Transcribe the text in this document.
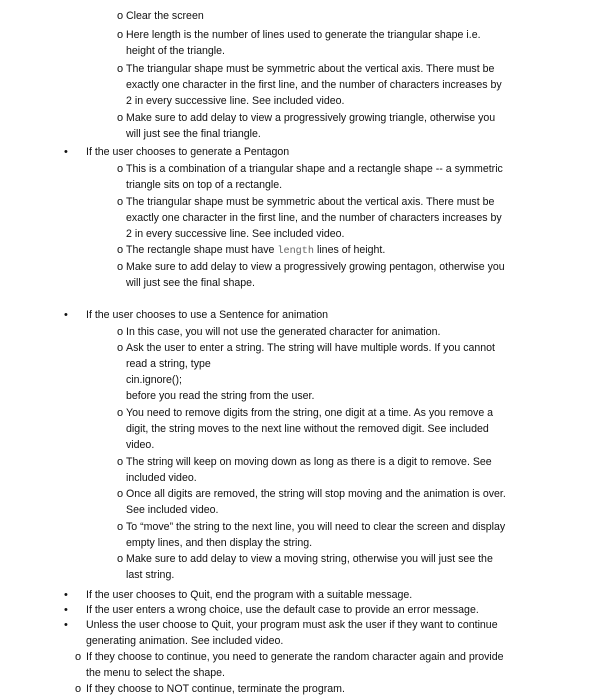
o Clear the screen
o Here length is the number of lines used to generate the triangular shape i.e.
height of the triangle.
o The triangular shape must be symmetric about the vertical axis. There must be
exactly one character in the first line, and the number of characters increases by
2 in every successive line. See included video.
o Make sure to add delay to view a progressively growing triangle, otherwise you
will just see the final triangle.
• If the user chooses to generate a Pentagon
o This is a combination of a triangular shape and a rectangle shape -- a symmetric
triangle sits on top of a rectangle.
o The triangular shape must be symmetric about the vertical axis. There must be
exactly one character in the first line, and the number of characters increases by
2 in every successive line. See included video.
o The rectangle shape must have length lines of height.
o Make sure to add delay to view a progressively growing pentagon, otherwise you
will just see the final shape.
• If the user chooses to use a Sentence for animation
o In this case, you will not use the generated character for animation.
o Ask the user to enter a string. The string will have multiple words. If you cannot
read a string, type
cin.ignore();
before you read the string from the user.
o You need to remove digits from the string, one digit at a time. As you remove a
digit, the string moves to the next line without the removed digit. See included
video.
o The string will keep on moving down as long as there is a digit to remove. See
included video.
o Once all digits are removed, the string will stop moving and the animation is over.
See included video.
o To “move” the string to the next line, you will need to clear the screen and display
empty lines, and then display the string.
o Make sure to add delay to view a moving string, otherwise you will just see the
last string.
• If the user chooses to Quit, end the program with a suitable message.
• If the user enters a wrong choice, use the default case to provide an error message.
• Unless the user choose to Quit, your program must ask the user if they want to continue
generating animation. See included video.
o If they choose to continue, you need to generate the random character again and provide
the menu to select the shape.
o If they choose to NOT continue, terminate the program.
